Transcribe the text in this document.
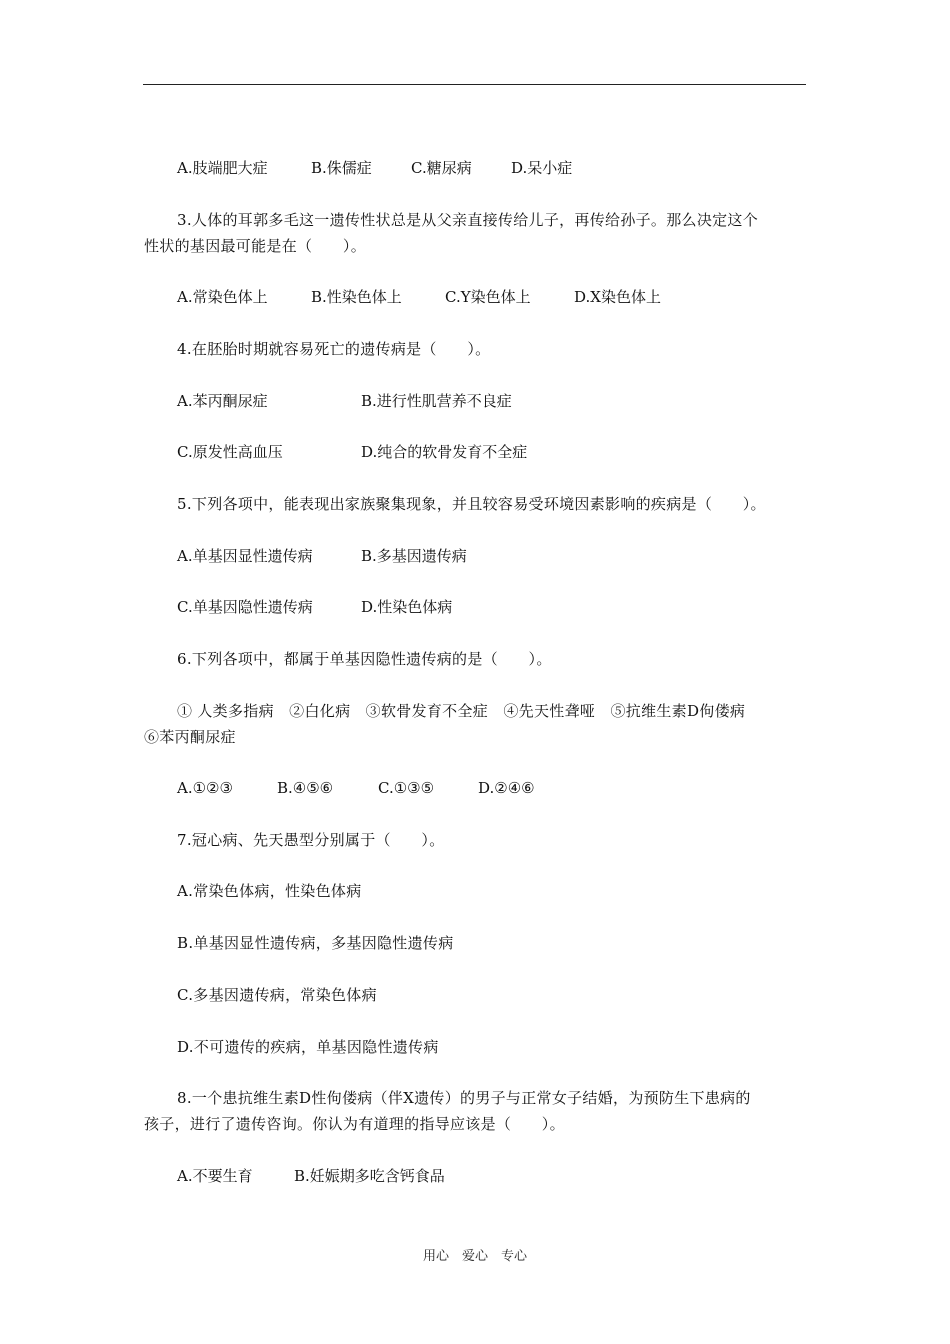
A.肢端肥大症

	B.侏儒症

	C.糖尿病

	D.呆小症

3.人体的耳郭多毛这一遗传性状总是从父亲直接传给儿子，再传给孙子。那么决定这个
性状的基因最可能是在（　　）。

A.常染色体上

	B.性染色体上

	C.Y染色体上

	D.X染色体上

4.在胚胎时期就容易死亡的遗传病是（　　）。

A.苯丙酮尿症

	B.进行性肌营养不良症

C.原发性高血压

	D.纯合的软骨发育不全症

5.下列各项中，能表现出家族聚集现象，并且较容易受环境因素影响的疾病是（　　）。

A.单基因显性遗传病

	B.多基因遗传病

C.单基因隐性遗传病

	D.性染色体病

6.下列各项中，都属于单基因隐性遗传病的是（　　）。
① 人类多指病　②白化病　③软骨发育不全症　④先天性聋哑　⑤抗维生素D佝偻病
⑥苯丙酮尿症

A.①②③

	B.④⑤⑥

	C.①③⑤

	D.②④⑥

7.冠心病、先天愚型分别属于（　　）。
A.常染色体病，性染色体病
B.单基因显性遗传病，多基因隐性遗传病
C.多基因遗传病，常染色体病
D.不可遗传的疾病，单基因隐性遗传病
8.一个患抗维生素D性佝偻病（伴X遗传）的男子与正常女子结婚，为预防生下患病的
孩子，进行了遗传咨询。你认为有道理的指导应该是（　　）。

A.不要生育

	B.妊娠期多吃含钙食品

用心　爱心　专心
